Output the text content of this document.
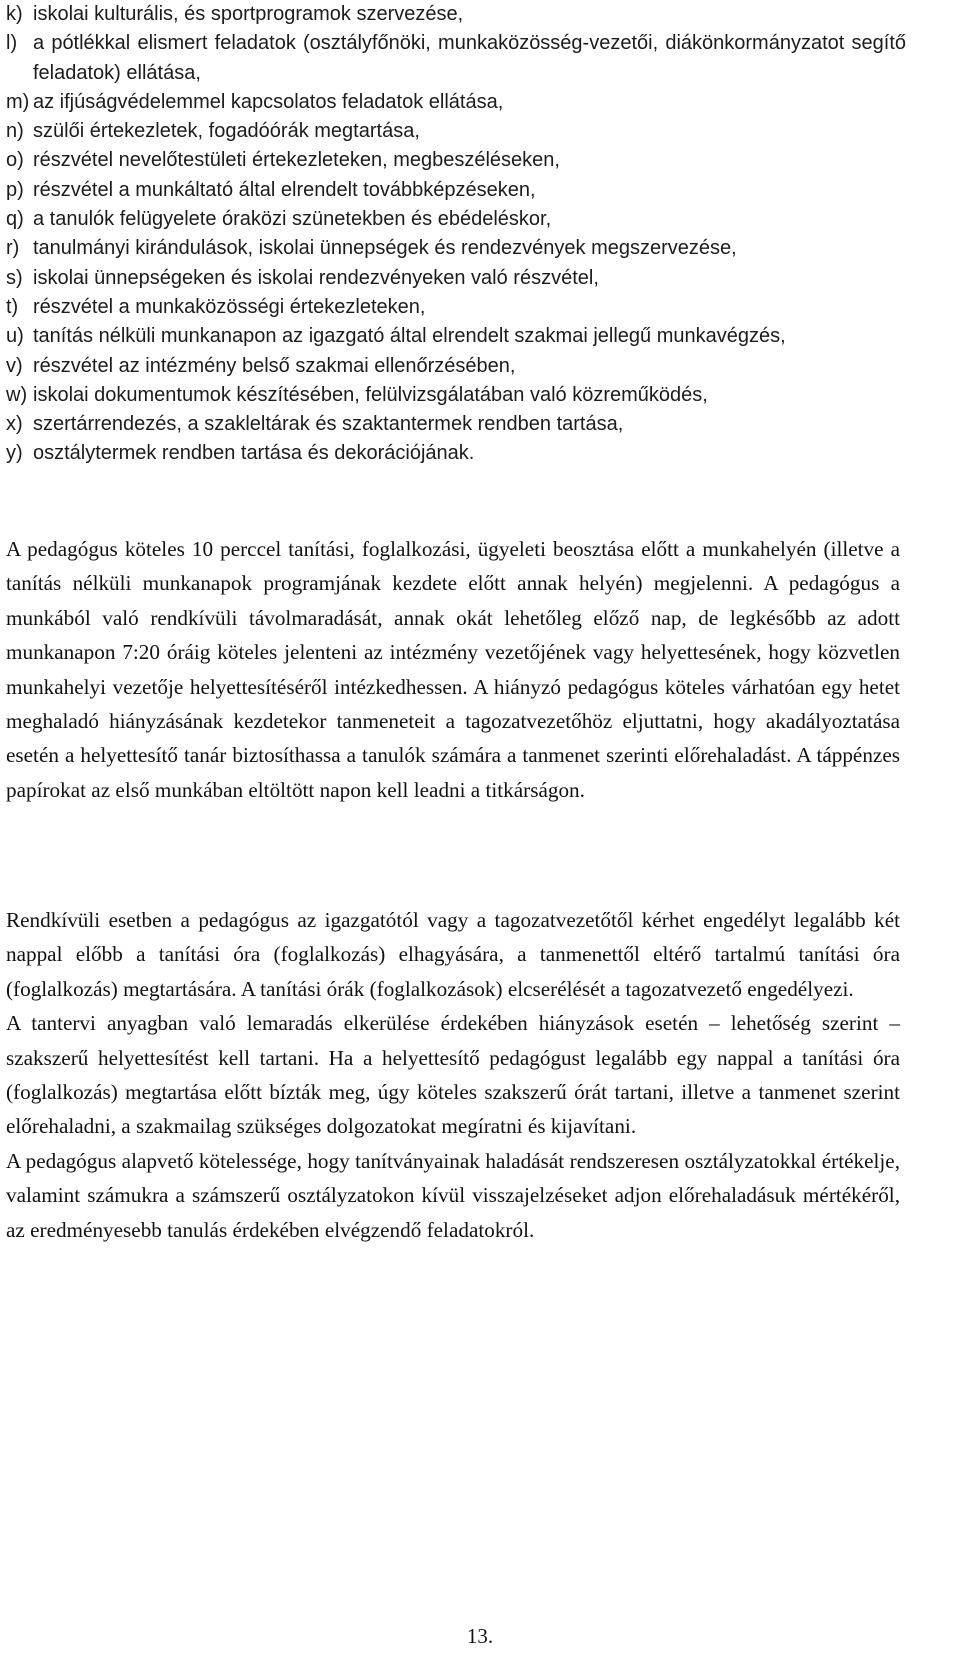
k) iskolai kulturális, és sportprogramok szervezése,
l) a pótlékkal elismert feladatok (osztályfőnöki, munkaközösség-vezetői, diákönkormányzatot segítő feladatok) ellátása,
m) az ifjúságvédelemmel kapcsolatos feladatok ellátása,
n) szülői értekezletek, fogadóórák megtartása,
o) részvétel nevelőtestületi értekezleteken, megbeszéléseken,
p) részvétel a munkáltató által elrendelt továbbképzéseken,
q) a tanulók felügyelete óraközi szünetekben és ebédeléskor,
r) tanulmányi kirándulások, iskolai ünnepségek és rendezvények megszervezése,
s) iskolai ünnepségeken és iskolai rendezvényeken való részvétel,
t) részvétel a munkaközösségi értekezleteken,
u) tanítás nélküli munkanapon az igazgató által elrendelt szakmai jellegű munkavégzés,
v) részvétel az intézmény belső szakmai ellenőrzésében,
w) iskolai dokumentumok készítésében, felülvizsgálatában való közreműködés,
x) szertárrendezés, a szakleltárak és szaktantermek rendben tartása,
y) osztálytermek rendben tartása és dekorációjának.

A pedagógus köteles 10 perccel tanítási, foglalkozási, ügyeleti beosztása előtt a munkahelyén (illetve a tanítás nélküli munkanapok programjának kezdete előtt annak helyén) megjelenni. A pedagógus a munkából való rendkívüli távolmaradását, annak okát lehetőleg előző nap, de legkésőbb az adott munkanapon 7:20 óráig köteles jelenteni az intézmény vezetőjének vagy helyettesének, hogy közvetlen munkahelyi vezetője helyettesítéséről intézkedhessen. A hiányzó pedagógus köteles várhatóan egy hetet meghaladó hiányzásának kezdetekor tanmeneteit a tagozatvezetőhöz eljuttatni, hogy akadályoztatása esetén a helyettesítő tanár biztosíthassa a tanulók számára a tanmenet szerinti előrehaladást. A táppénzes papírokat az első munkában eltöltött napon kell leadni a titkárságon.

Rendkívüli esetben a pedagógus az igazgatótól vagy a tagozatvezetőtől kérhet engedélyt legalább két nappal előbb a tanítási óra (foglalkozás) elhagyására, a tanmenettől eltérő tartalmú tanítási óra (foglalkozás) megtartására. A tanítási órák (foglalkozások) elcserélését a tagozatvezető engedélyezi.

A tantervi anyagban való lemaradás elkerülése érdekében hiányzások esetén – lehetőség szerint – szakszerű helyettesítést kell tartani. Ha a helyettesítő pedagógust legalább egy nappal a tanítási óra (foglalkozás) megtartása előtt bízták meg, úgy köteles szakszerű órát tartani, illetve a tanmenet szerint előrehaladni, a szakmailag szükséges dolgozatokat megíratni és kijavítani.

A pedagógus alapvető kötelessége, hogy tanítványainak haladását rendszeresen osztályzatokkal értékelje, valamint számukra a számszerű osztályzatokon kívül visszajelzéseket adjon előrehaladásuk mértékéről, az eredményesebb tanulás érdekében elvégzendő feladatokról.

13.
